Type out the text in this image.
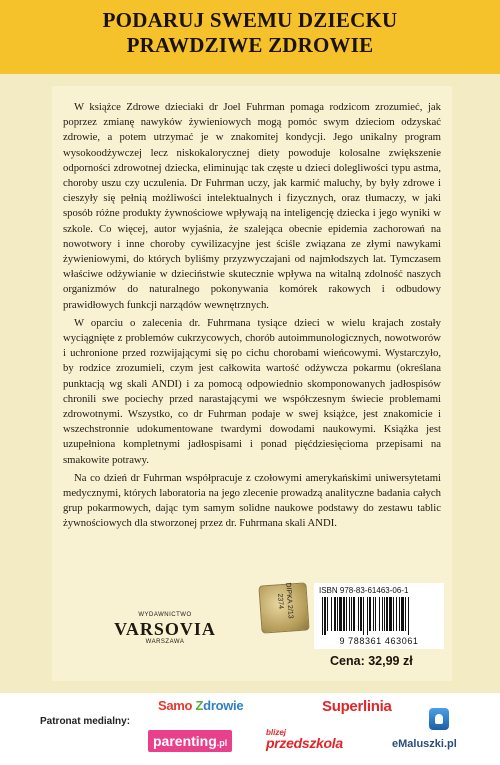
PODARUJ SWEMU DZIECKU
PRAWDZIWE ZDROWIE

W książce Zdrowe dzieciaki dr Joel Fuhrman pomaga rodzicom zrozumieć, jak poprzez zmianę nawyków żywieniowych mogą pomóc swym dzieciom odzyskać zdrowie, a potem utrzymać je w znakomitej kondycji. Jego unikalny program wysokoodżywczej lecz niskokalorycznej diety powoduje kolosalne zwiększenie odporności zdrowotnej dziecka, eliminując tak częste u dzieci dolegliwości typu astma, choroby uszu czy uczulenia. Dr Fuhrman uczy, jak karmić maluchy, by były zdrowe i cieszyły się pełnią możliwości intelektualnych i fizycznych, oraz tłumaczy, w jaki sposób różne produkty żywnościowe wpływają na inteligencję dziecka i jego wyniki w szkole. Co więcej, autor wyjaśnia, że szalejąca obecnie epidemia zachorowań na nowotwory i inne choroby cywilizacyjne jest ściśle związana ze złymi nawykami żywieniowymi, do których byliśmy przyzwyczajani od najmłodszych lat. Tymczasem właściwe odżywianie w dzieciństwie skutecznie wpływa na witalną zdolność naszych organizmów do naturalnego pokonywania komórek rakowych i odbudowy prawidłowych funkcji narządów wewnętrznych.

W oparciu o zalecenia dr. Fuhrmana tysiące dzieci w wielu krajach zostały wyciągnięte z problemów cukrzycowych, chorób autoimmunologicznych, nowotworów i uchronione przed rozwijającymi się po cichu chorobami wieńcowymi. Wystarczyło, by rodzice zrozumieli, czym jest całkowita wartość odżywcza pokarmu (określana punktacją wg skali ANDI) i za pomocą odpowiednio skomponowanych jadłospisów chronili swe pociechy przed narastającymi we współczesnym świecie problemami zdrowotnymi. Wszystko, co dr Fuhrman podaje w swej książce, jest znakomicie i wszechstronnie udokumentowane twardymi dowodami naukowymi. Książka jest uzupełniona kompletnymi jadłospisami i ponad pięćdziesięcioma przepisami na smakowite potrawy.

Na co dzień dr Fuhrman współpracuje z czołowymi amerykańskimi uniwersytetami medycznymi, których laboratoria na jego zlecenie prowadzą analityczne badania całych grup pokarmowych, dając tym samym solidne naukowe podstawy do zestawu tablic żywnościowych dla stworzonej przez dr. Fuhrmana skali ANDI.

WYDAWNICTWO
VARSOVIA
WARSZAWA
DIPKA 2/13 2374
ISBN 978-83-61463-06-1
9 788361 463061
Cena: 32,99 zł
Patronat medialny:
Samo Zdrowie	Superlinia
parenting.pl
blizej
przedszkola	eMaluszki.pl
